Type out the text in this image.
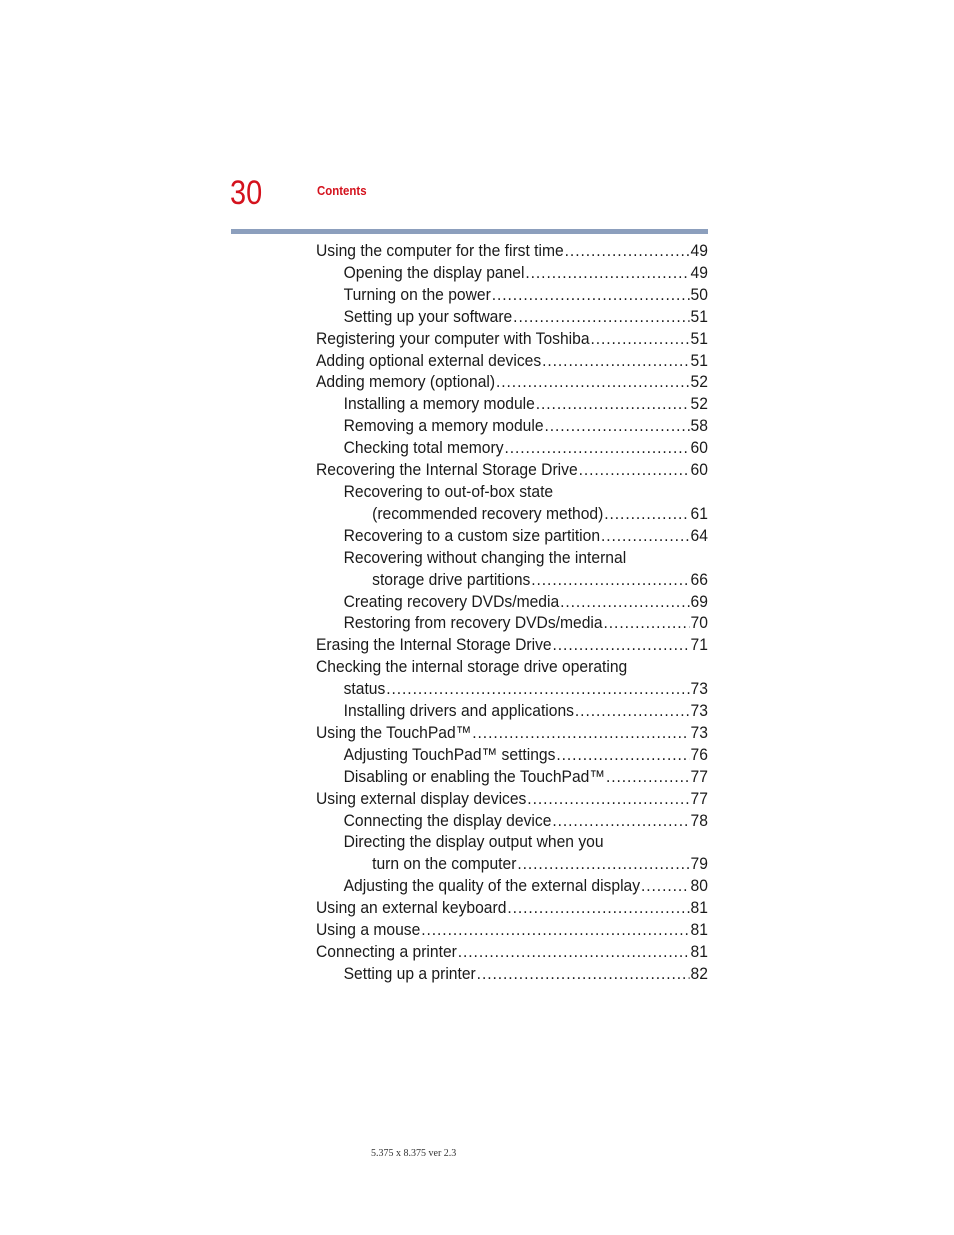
30	Contents
Using the computer for the first time .....	49
Opening the display panel .....	49
Turning on the power .....	50
Setting up your software .....	51
Registering your computer with Toshiba .....	51
Adding optional external devices .....	51
Adding memory (optional) .....	52
Installing a memory module .....	52
Removing a memory module .....	58
Checking total memory .....	60
Recovering the Internal Storage Drive .....	60
Recovering to out-of-box state
(recommended recovery method) .....	61
Recovering to a custom size partition .....	64
Recovering without changing the internal
storage drive partitions .....	66
Creating recovery DVDs/media .....	69
Restoring from recovery DVDs/media .....	70
Erasing the Internal Storage Drive .....	71
Checking the internal storage drive operating
status .....	73
Installing drivers and applications .....	73
Using the TouchPad™ .....	73
Adjusting TouchPad™ settings .....	76
Disabling or enabling the TouchPad™ .....	77
Using external display devices .....	77
Connecting the display device .....	78
Directing the display output when you
turn on the computer .....	79
Adjusting the quality of the external display .....	80
Using an external keyboard .....	81
Using a mouse .....	81
Connecting a printer .....	81
Setting up a printer .....	82
5.375 x 8.375 ver 2.3
